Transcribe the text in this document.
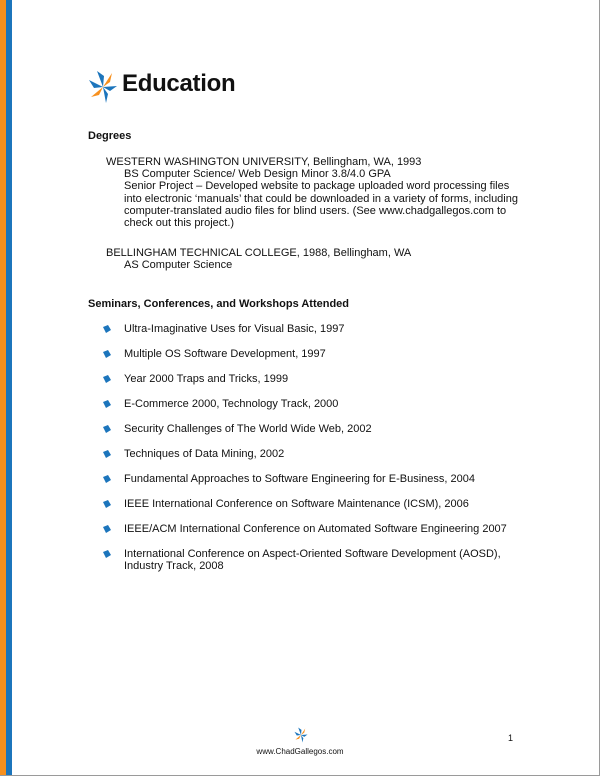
Education
Degrees
WESTERN WASHINGTON UNIVERSITY, Bellingham, WA, 1993
BS Computer Science/ Web Design Minor 3.8/4.0 GPA
Senior Project – Developed website to package uploaded word processing files
into electronic ‘manuals’ that could be downloaded in a variety of forms, including
computer-translated audio files for blind users. (See www.chadgallegos.com to
check out this project.)
BELLINGHAM TECHNICAL COLLEGE, 1988, Bellingham, WA
AS Computer Science
Seminars, Conferences, and Workshops Attended
Ultra-Imaginative Uses for Visual Basic, 1997
Multiple OS Software Development, 1997
Year 2000 Traps and Tricks, 1999
E-Commerce 2000, Technology Track, 2000
Security Challenges of The World Wide Web, 2002
Techniques of Data Mining, 2002
Fundamental Approaches to Software Engineering for E-Business, 2004
IEEE International Conference on Software Maintenance (ICSM), 2006
IEEE/ACM International Conference on Automated Software Engineering 2007
International Conference on Aspect-Oriented Software Development (AOSD),
Industry Track, 2008
www.ChadGallegos.com
1
